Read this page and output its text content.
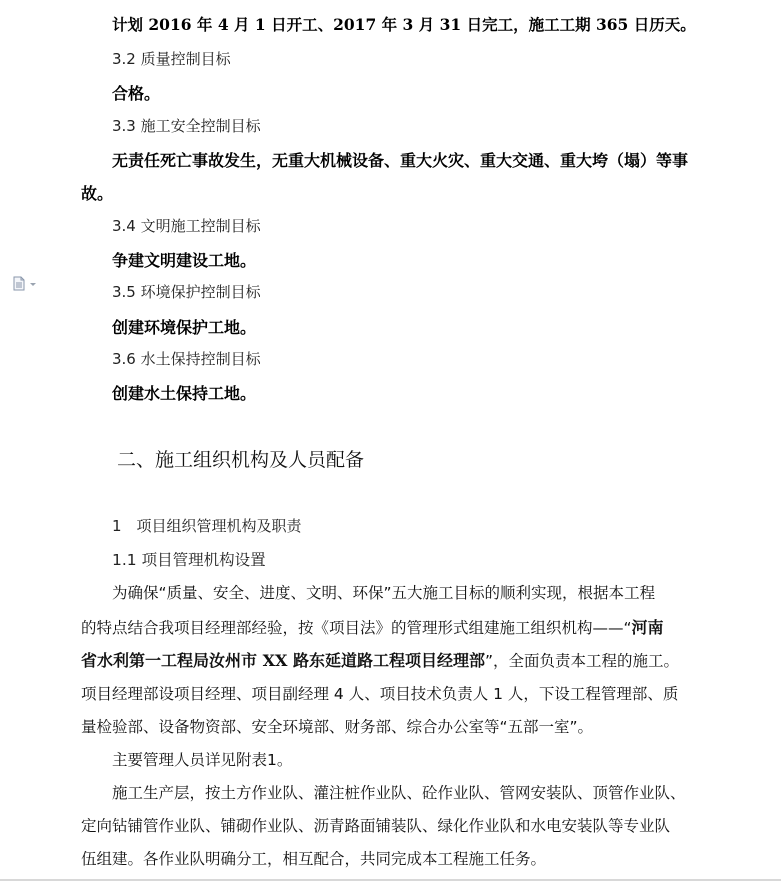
计划 2016 年 4 月 1 日开工、2017 年 3 月 31 日完工，施工工期 365 日历天。
3.2 质量控制目标
合格。
3.3 施工安全控制目标
无责任死亡事故发生，无重大机械设备、重大火灾、重大交通、重大垮（塌）等事
故。
3.4 文明施工控制目标
争建文明建设工地。
3.5 环境保护控制目标
创建环境保护工地。
3.6 水土保持控制目标
创建水土保持工地。
二、施工组织机构及人员配备
1　项目组织管理机构及职责
1.1 项目管理机构设置
为确保“质量、安全、进度、文明、环保”五大施工目标的顺利实现，根据本工程
的特点结合我项目经理部经验，按《项目法》的管理形式组建施工组织机构——“河南
省水利第一工程局汝州市 XX 路东延道路工程项目经理部”，全面负责本工程的施工。
项目经理部设项目经理、项目副经理 4 人、项目技术负责人 1 人，下设工程管理部、质
量检验部、设备物资部、安全环境部、财务部、综合办公室等“五部一室”。
主要管理人员详见附表1。
施工生产层，按土方作业队、灌注桩作业队、砼作业队、管网安装队、顶管作业队、
定向钻铺管作业队、铺砌作业队、沥青路面铺装队、绿化作业队和水电安装队等专业队
伍组建。各作业队明确分工，相互配合，共同完成本工程施工任务。
